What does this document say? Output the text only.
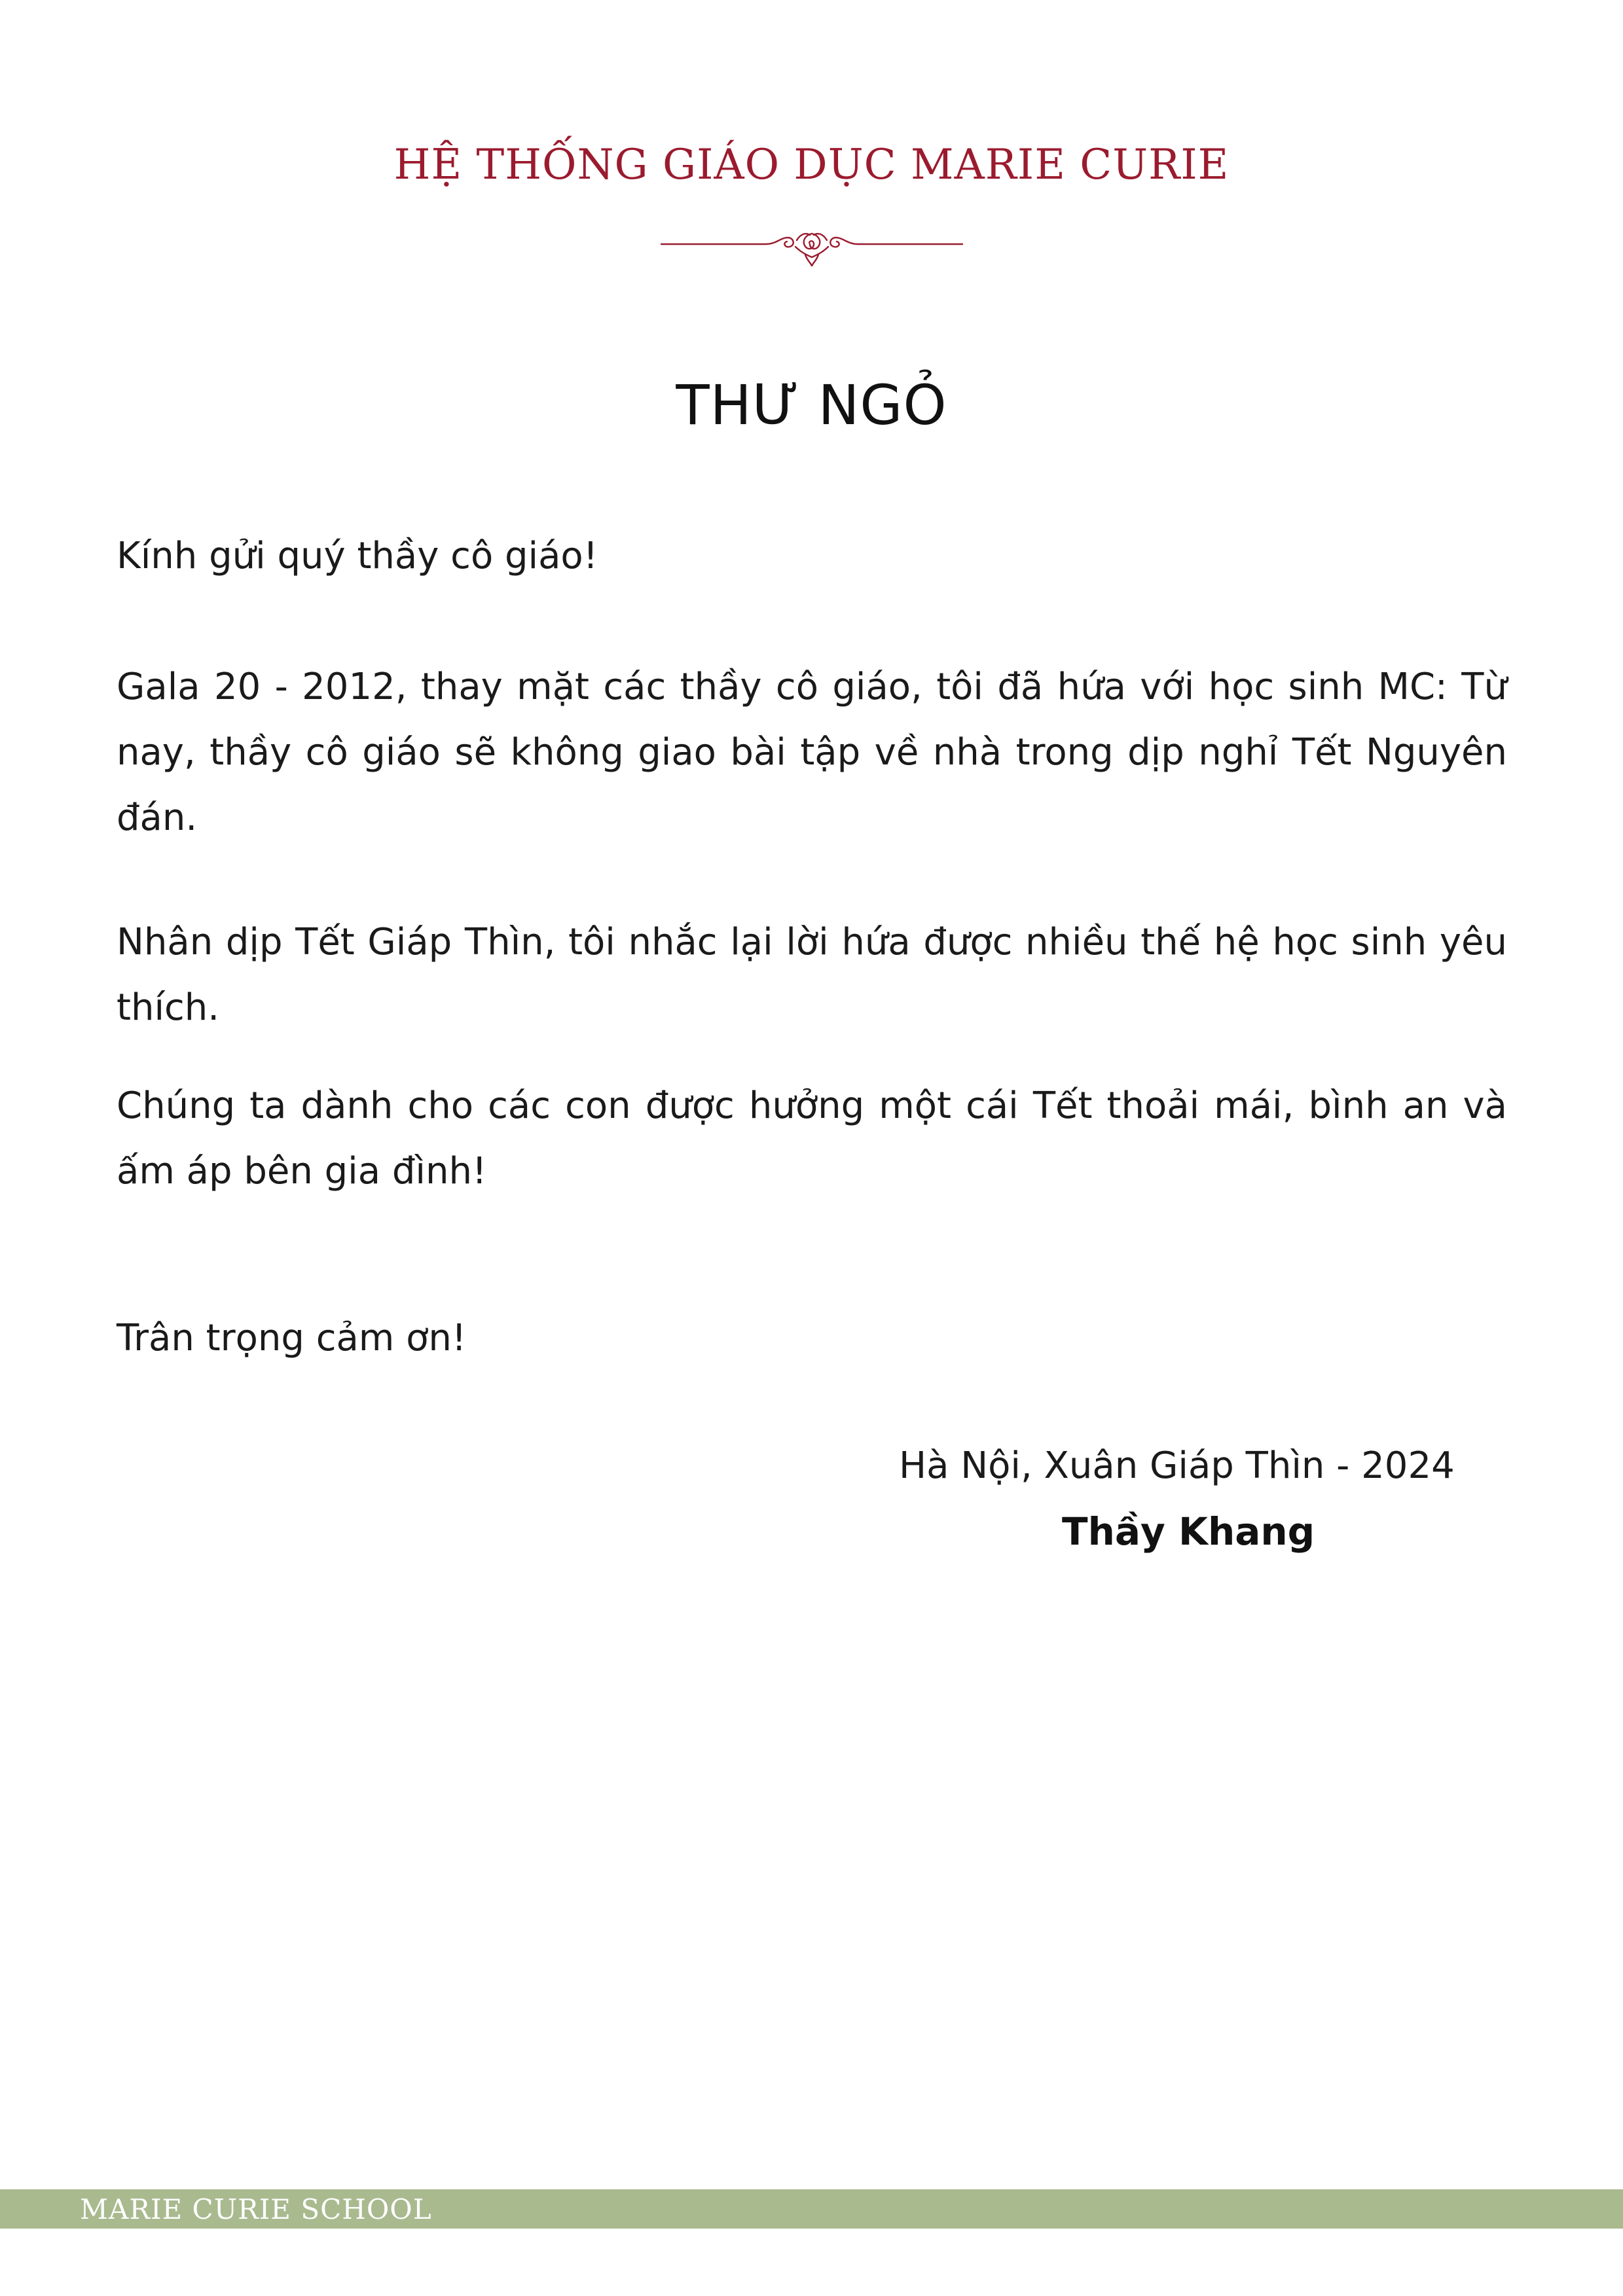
HỆ THỐNG GIÁO DỤC MARIE CURIE
THƯ NGỎ
Kính gửi quý thầy cô giáo!
Gala 20 - 2012, thay mặt các thầy cô giáo, tôi đã hứa với học sinh MC: Từ nay, thầy cô giáo sẽ không giao bài tập về nhà trong dịp nghỉ Tết Nguyên đán.
Nhân dịp Tết Giáp Thìn, tôi nhắc lại lời hứa được nhiều thế hệ học sinh yêu thích.
Chúng ta dành cho các con được hưởng một cái Tết thoải mái, bình an và ấm áp bên gia đình!
Trân trọng cảm ơn!
Hà Nội, Xuân Giáp Thìn - 2024
Thầy Khang
MARIE CURIE SCHOOL
